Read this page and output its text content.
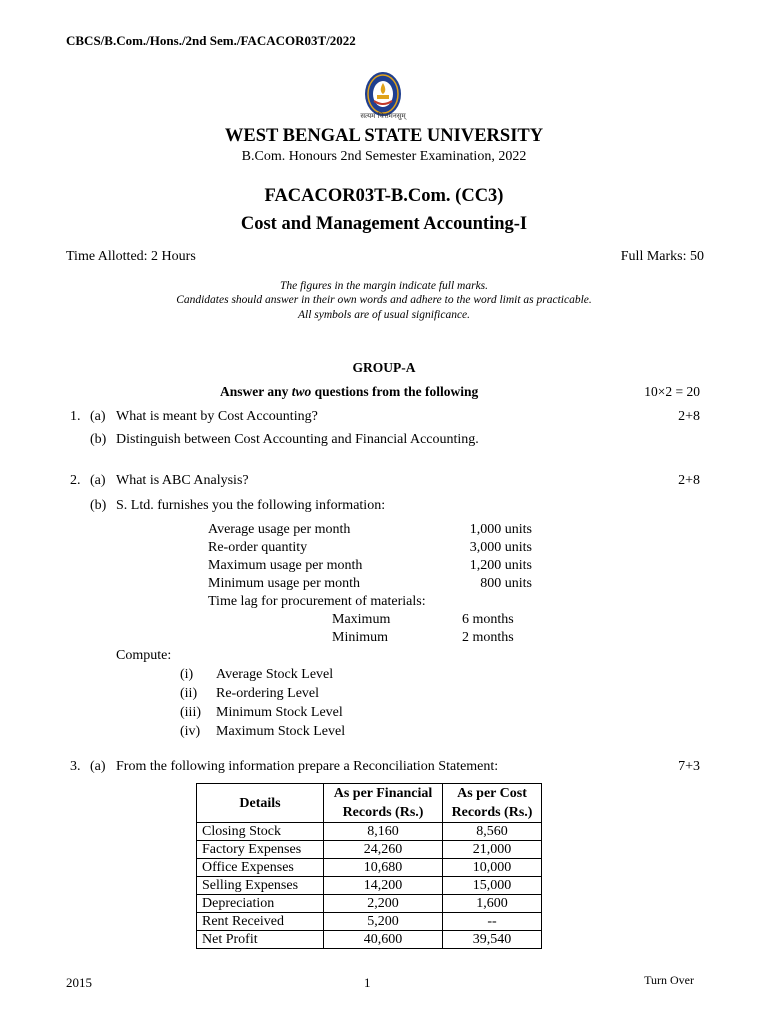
CBCS/B.Com./Hons./2nd Sem./FACACOR03T/2022
सत्यमं चित्तमनसुम्
WEST BENGAL STATE UNIVERSITY
B.Com. Honours 2nd Semester Examination, 2022
FACACOR03T-B.Com. (CC3)
Cost and Management Accounting-I
Time Allotted: 2 Hours	Full Marks: 50
The figures in the margin indicate full marks.
Candidates should answer in their own words and adhere to the word limit as practicable.
All symbols are of usual significance.
GROUP-A
Answer any two questions from the following	10×2 = 20
1. (a) What is meant by Cost Accounting?	2+8
(b) Distinguish between Cost Accounting and Financial Accounting.
2. (a) What is ABC Analysis?	2+8
(b) S. Ltd. furnishes you the following information:
Average usage per month	1,000 units
Re-order quantity	3,000 units
Maximum usage per month	1,200 units
Minimum usage per month	800 units
Time lag for procurement of materials:
Maximum	6 months
Minimum	2 months
Compute:
(i) Average Stock Level
(ii) Re-ordering Level
(iii) Minimum Stock Level
(iv) Maximum Stock Level
3. (a) From the following information prepare a Reconciliation Statement:	7+3
Details	As per Financial Records (Rs.)	As per Cost Records (Rs.)
Closing Stock	8,160	8,560
Factory Expenses	24,260	21,000
Office Expenses	10,680	10,000
Selling Expenses	14,200	15,000
Depreciation	2,200	1,600
Rent Received	5,200	--
Net Profit	40,600	39,540
2015	1	Turn Over
